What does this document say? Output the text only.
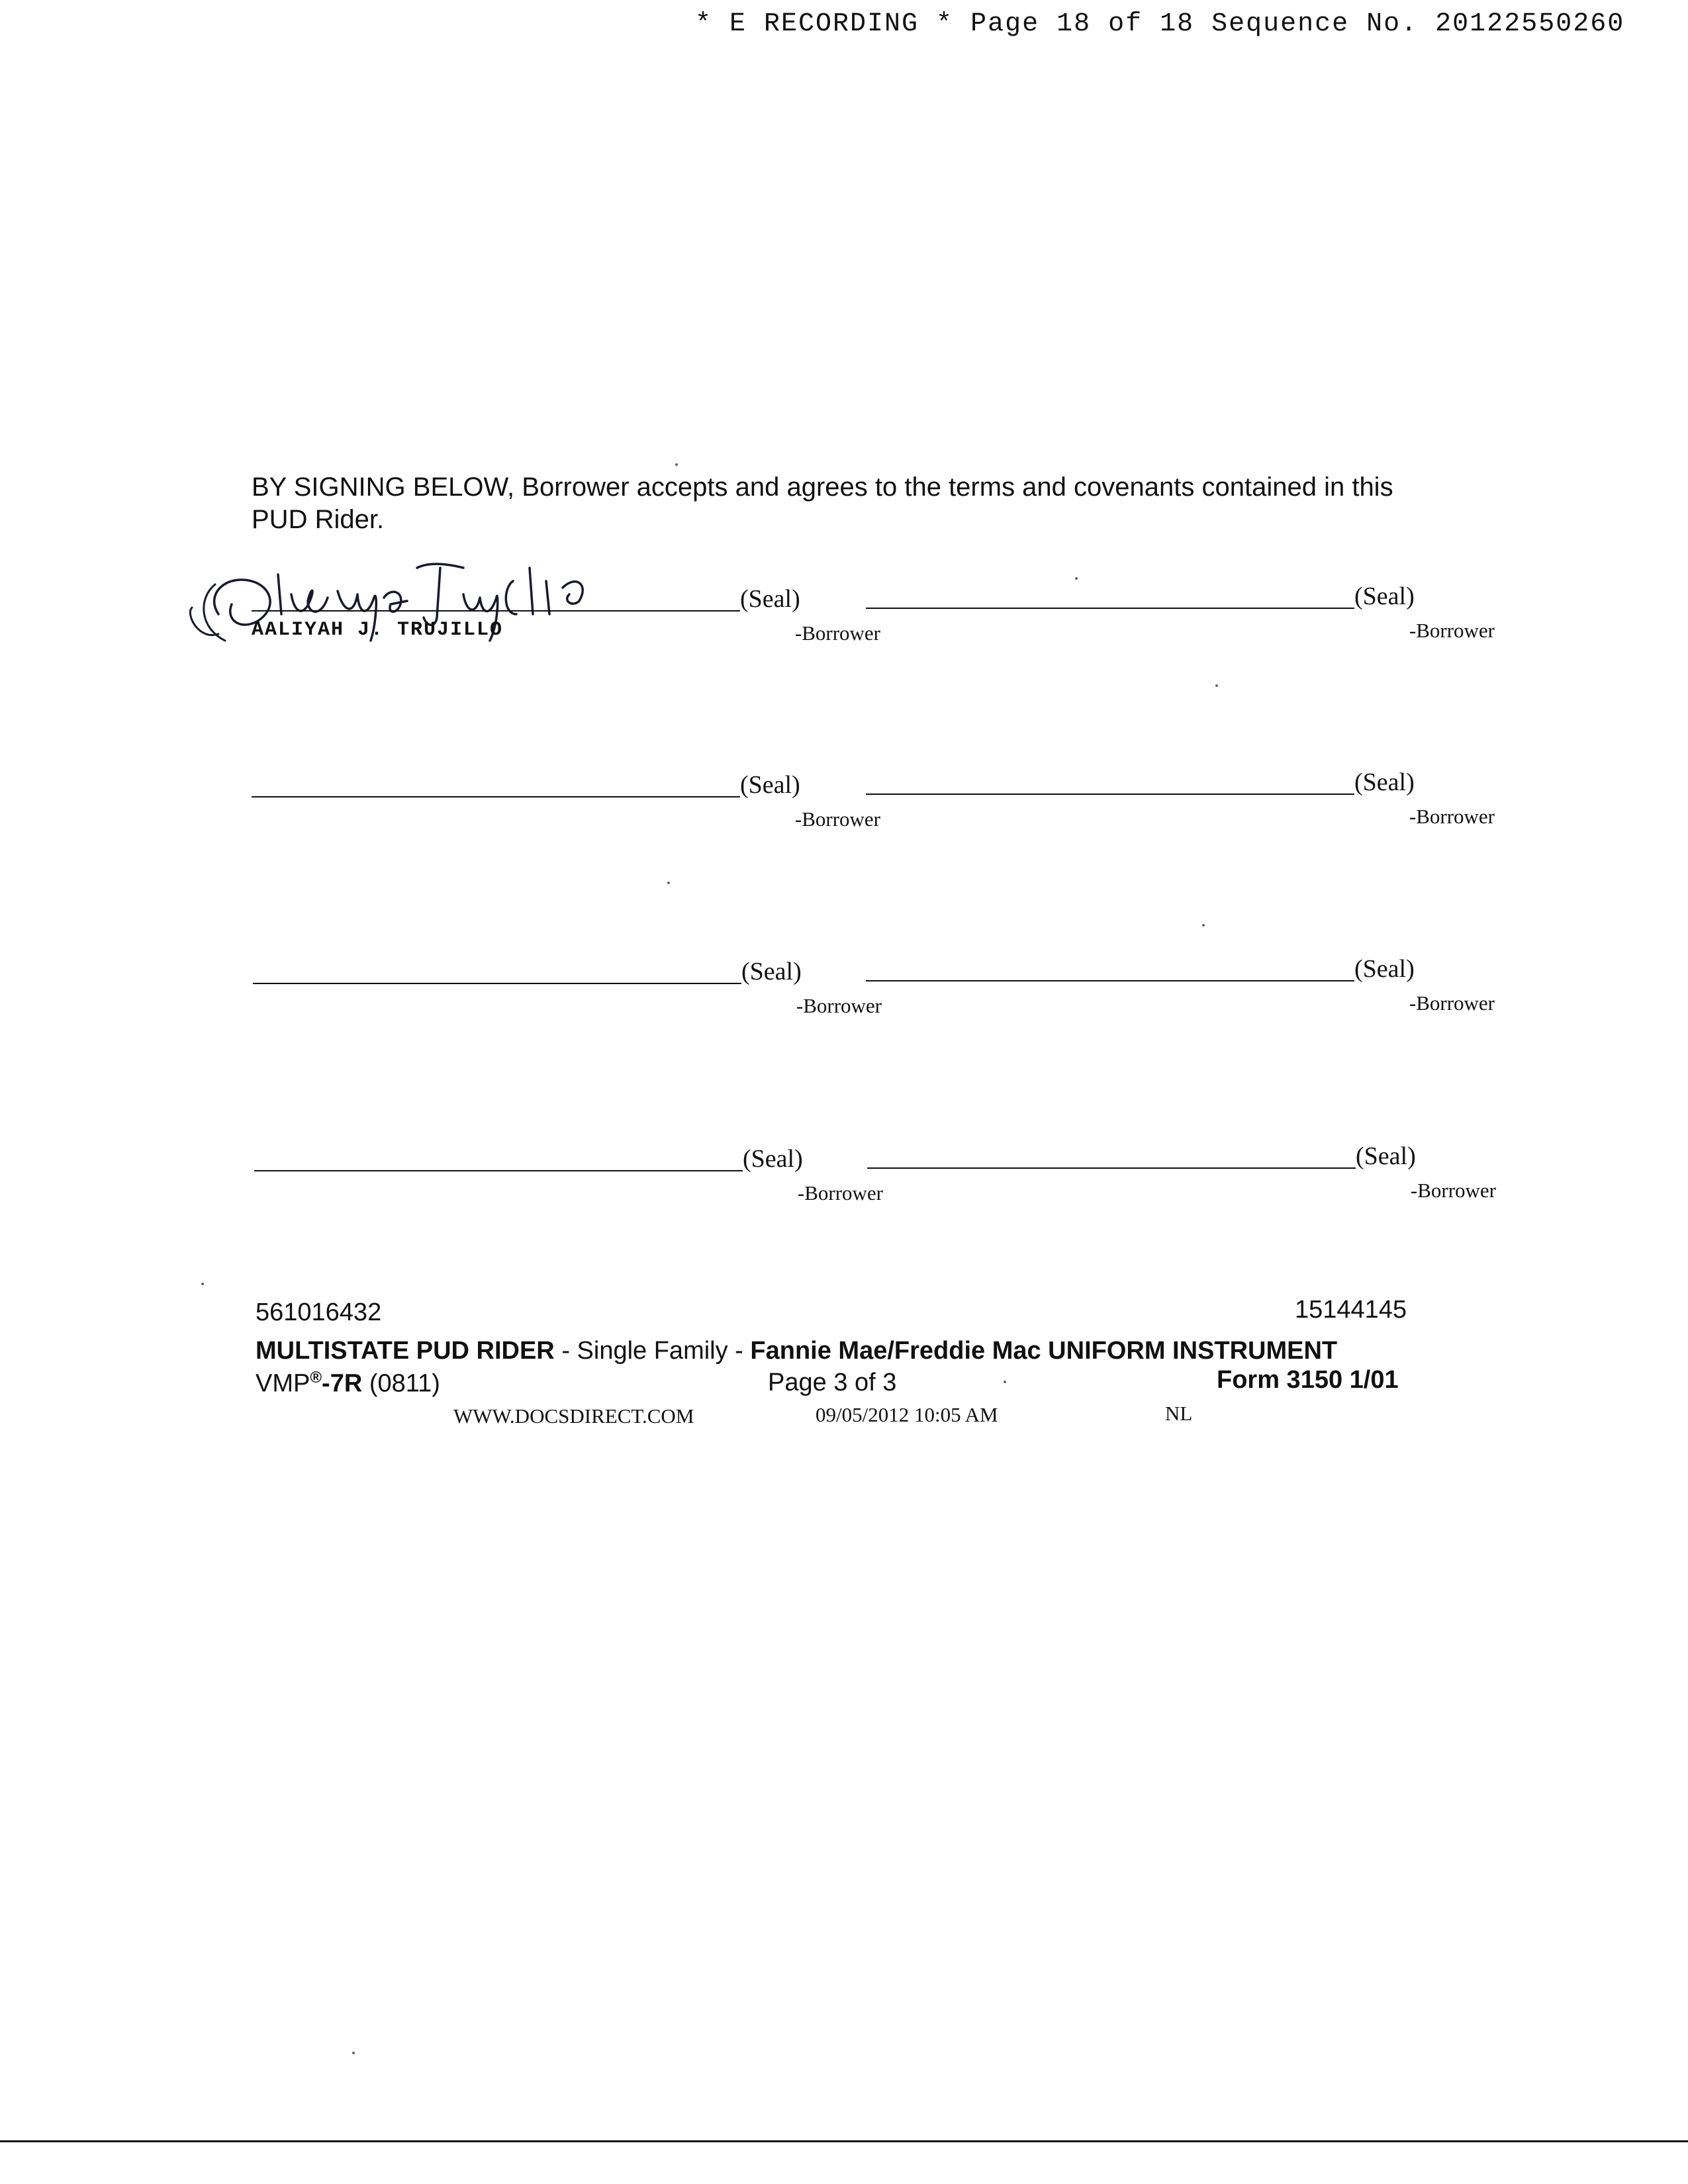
* E RECORDING * Page 18 of 18 Sequence No. 20122550260
BY SIGNING BELOW, Borrower accepts and agrees to the terms and covenants contained in this PUD Rider.
(Seal)
AALIYAH J. TRUJILLO	-Borrower
(Seal)
-Borrower
(Seal)
-Borrower
(Seal)
-Borrower
(Seal)
-Borrower
(Seal)
-Borrower
(Seal)
-Borrower
(Seal)
-Borrower
561016432	15144145
MULTISTATE PUD RIDER - Single Family - Fannie Mae/Freddie Mac UNIFORM INSTRUMENT
VMP®-7R (0811)	Page 3 of 3	Form 3150 1/01
WWW.DOCSDIRECT.COM	09/05/2012 10:05 AM	NL
